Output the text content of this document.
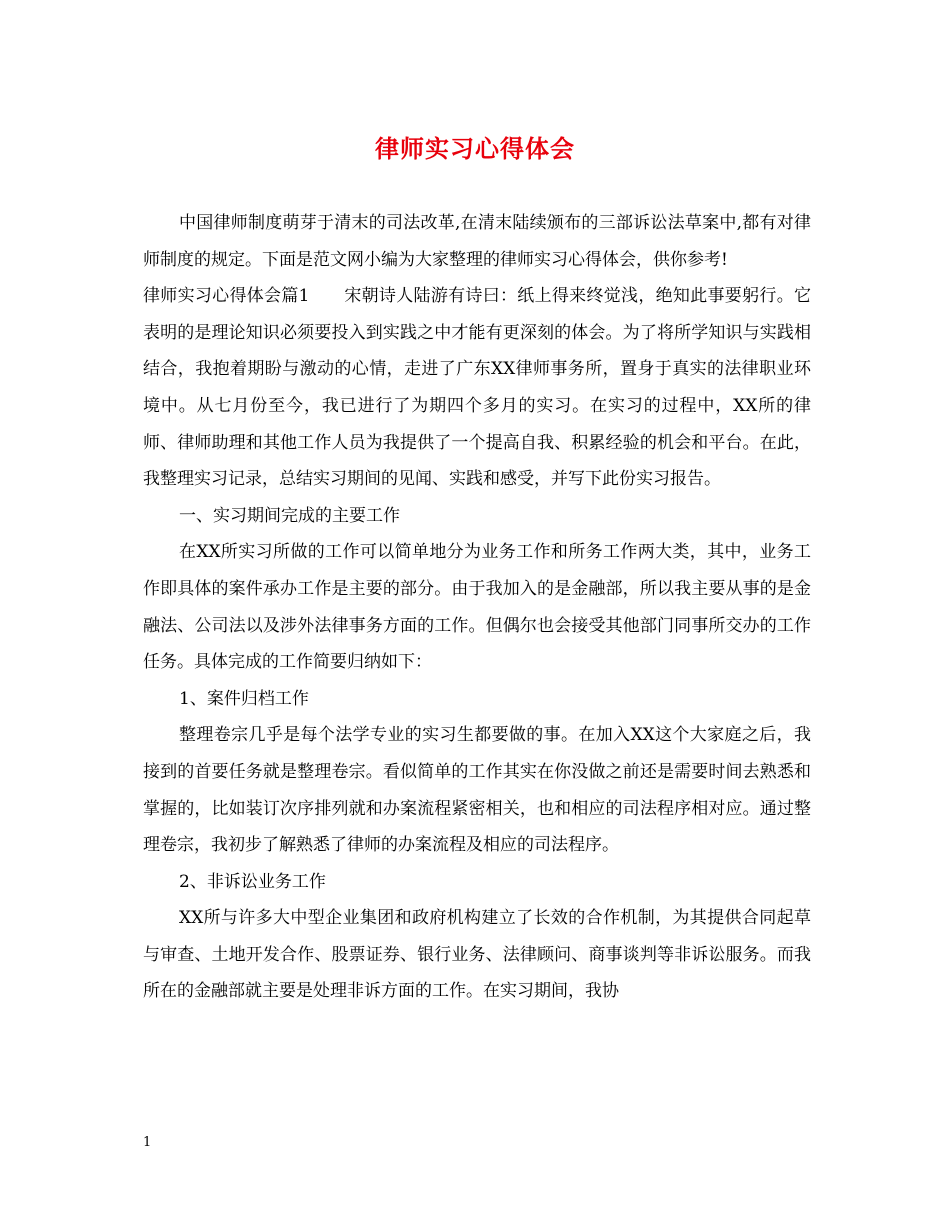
律师实习心得体会

中国律师制度萌芽于清末的司法改革,在清末陆续颁布的三部诉讼法草案中,都有对律师制度的规定。下面是范文网小编为大家整理的律师实习心得体会，供你参考!

律师实习心得体会篇1　　宋朝诗人陆游有诗曰：纸上得来终觉浅，绝知此事要躬行。它表明的是理论知识必须要投入到实践之中才能有更深刻的体会。为了将所学知识与实践相结合，我抱着期盼与激动的心情，走进了广东XX律师事务所，置身于真实的法律职业环境中。从七月份至今，我已进行了为期四个多月的实习。在实习的过程中，XX所的律师、律师助理和其他工作人员为我提供了一个提高自我、积累经验的机会和平台。在此，我整理实习记录，总结实习期间的见闻、实践和感受，并写下此份实习报告。

一、实习期间完成的主要工作

在XX所实习所做的工作可以简单地分为业务工作和所务工作两大类，其中，业务工作即具体的案件承办工作是主要的部分。由于我加入的是金融部，所以我主要从事的是金融法、公司法以及涉外法律事务方面的工作。但偶尔也会接受其他部门同事所交办的工作任务。具体完成的工作简要归纳如下：

1、案件归档工作

整理卷宗几乎是每个法学专业的实习生都要做的事。在加入XX这个大家庭之后，我接到的首要任务就是整理卷宗。看似简单的工作其实在你没做之前还是需要时间去熟悉和掌握的，比如装订次序排列就和办案流程紧密相关，也和相应的司法程序相对应。通过整理卷宗，我初步了解熟悉了律师的办案流程及相应的司法程序。

2、非诉讼业务工作

XX所与许多大中型企业集团和政府机构建立了长效的合作机制，为其提供合同起草与审查、土地开发合作、股票证券、银行业务、法律顾问、商事谈判等非诉讼服务。而我所在的金融部就主要是处理非诉方面的工作。在实习期间，我协

1
